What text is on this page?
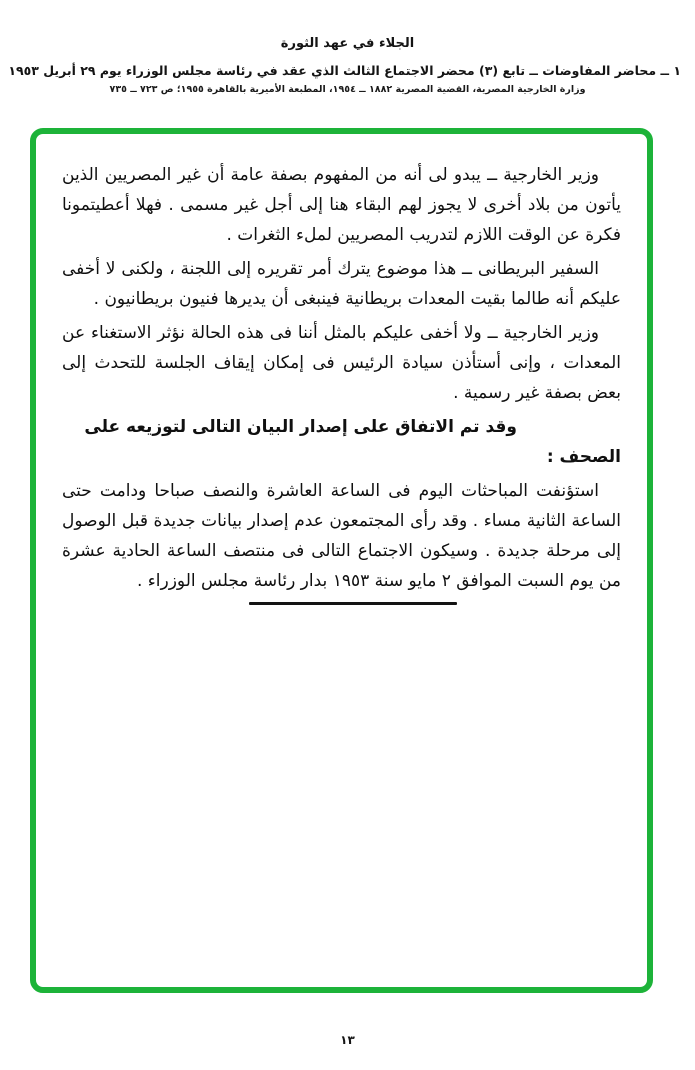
الجلاء في عهد الثورة
١ ــ محاضر المفاوضات ــ تابع (٣) محضر الاجتماع الثالث الذي عقد في رئاسة مجلس الوزراء يوم ٢٩ أبريل ١٩٥٣
وزارة الخارجية المصرية، القضية المصرية ١٨٨٢ ــ ١٩٥٤، المطبعة الأميرية بالقاهرة ١٩٥٥؛ ص ٧٢٣ ــ ٧٣٥

وزير الخارجية ــ يبدو لى أنه من المفهوم بصفة عامة أن غير المصريين الذين يأتون من بلاد أخرى لا يجوز لهم البقاء هنا إلى أجل غير مسمى . فهلا أعطيتمونا فكرة عن الوقت اللازم لتدريب المصريين لملء الثغرات .

السفير البريطانى ــ هذا موضوع يترك أمر تقريره إلى اللجنة ، ولكنى لا أخفى عليكم أنه طالما بقيت المعدات بريطانية فينبغى أن يديرها فنيون بريطانيون .

وزير الخارجية ــ ولا أخفى عليكم بالمثل أننا فى هذه الحالة نؤثر الاستغناء عن المعدات ، وإنى أستأذن سيادة الرئيس فى إمكان إيقاف الجلسة للتحدث إلى بعض بصفة غير رسمية .

وقد تم الاتفاق على إصدار البيان التالى لتوزيعه على الصحف :

استؤنفت المباحثات اليوم فى الساعة العاشرة والنصف صباحا ودامت حتى الساعة الثانية مساء . وقد رأى المجتمعون عدم إصدار بيانات جديدة قبل الوصول إلى مرحلة جديدة . وسيكون الاجتماع التالى فى منتصف الساعة الحادية عشرة من يوم السبت الموافق ٢ مايو سنة ١٩٥٣ بدار رئاسة مجلس الوزراء .

١٣
